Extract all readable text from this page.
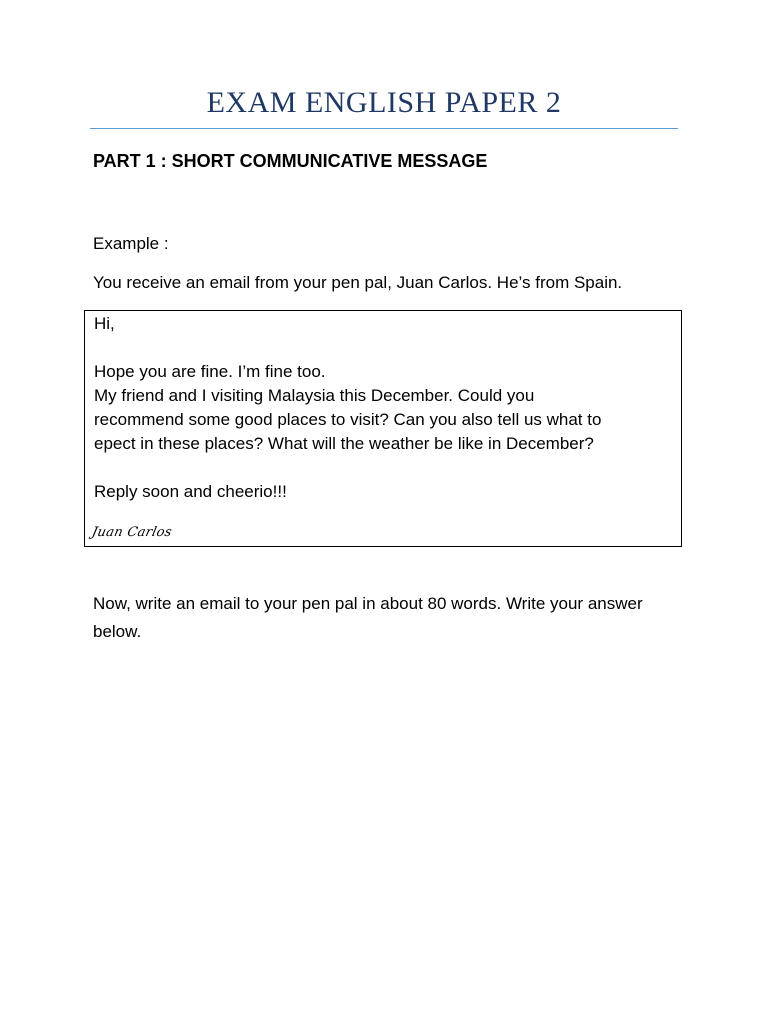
EXAM ENGLISH PAPER 2
PART 1 : SHORT COMMUNICATIVE MESSAGE
Example :
You receive an email from your pen pal, Juan Carlos. He’s from Spain.
Hi,
Hope you are fine. I’m fine too.
My friend and I visiting Malaysia this December. Could you
recommend some good places to visit? Can you also tell us what to
epect in these places? What will the weather be like in December?
Reply soon and cheerio!!!
Juan Carlos

Now, write an email to your pen pal in about 80 words. Write your answer below.
